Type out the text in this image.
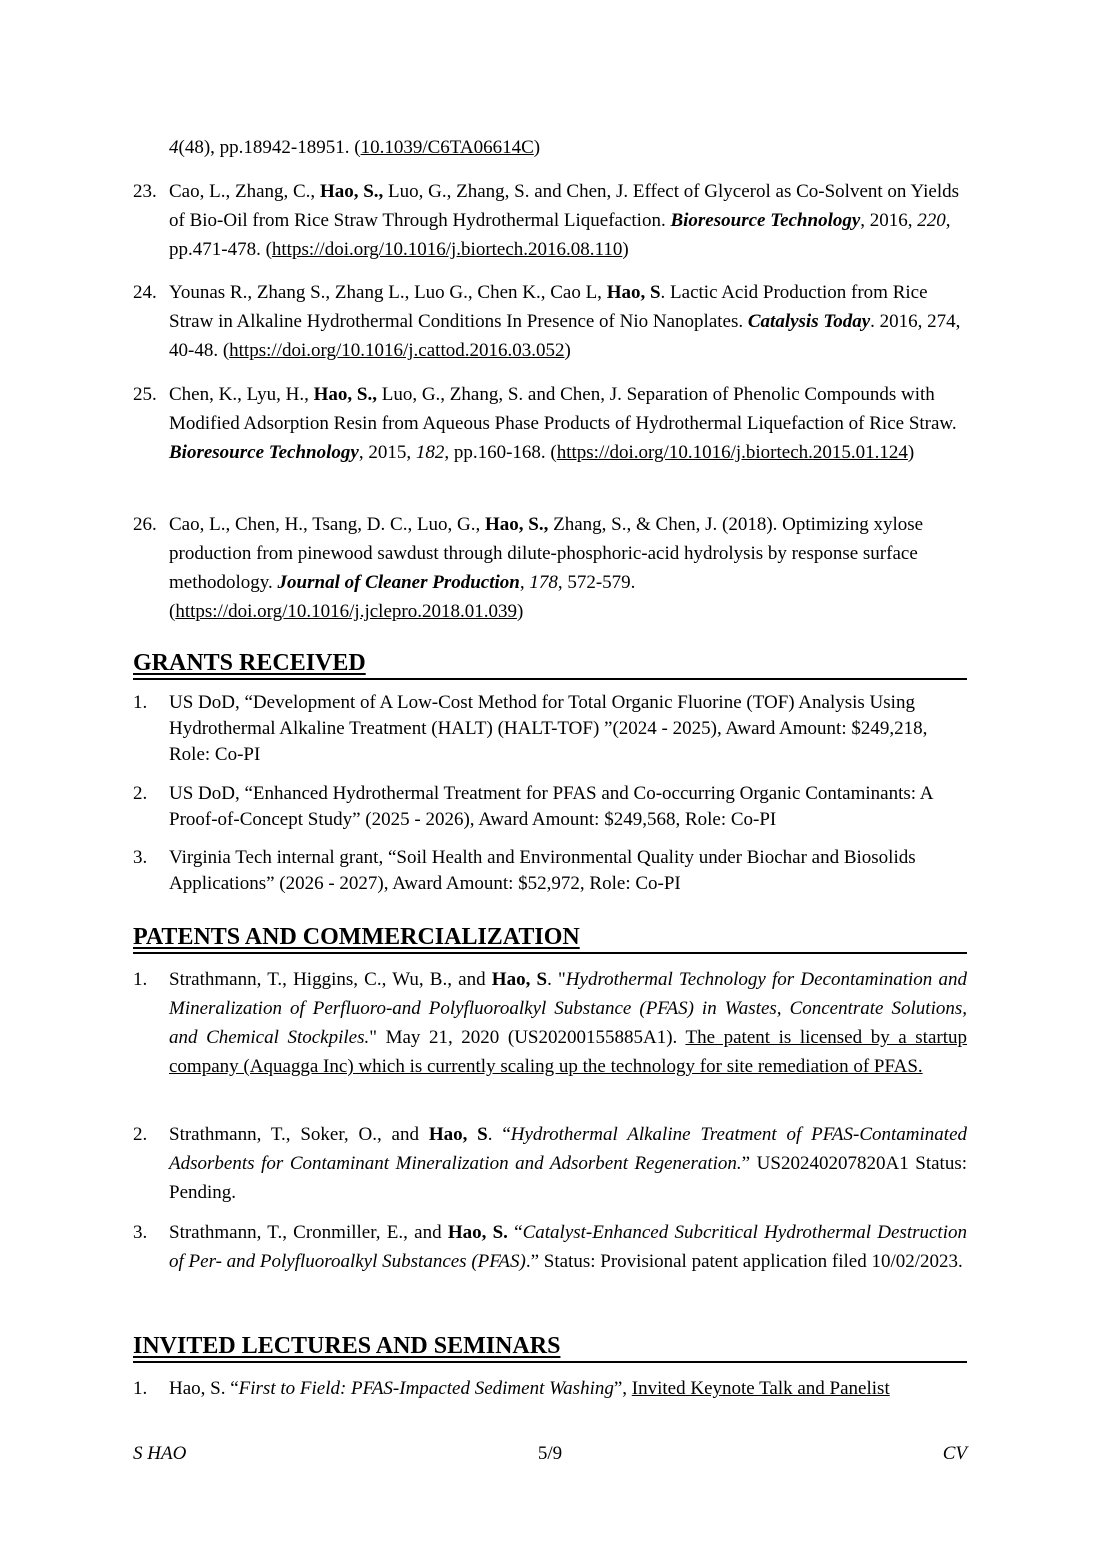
4(48), pp.18942-18951. (10.1039/C6TA06614C)
23. Cao, L., Zhang, C., Hao, S., Luo, G., Zhang, S. and Chen, J. Effect of Glycerol as Co-Solvent on Yields of Bio-Oil from Rice Straw Through Hydrothermal Liquefaction. Bioresource Technology, 2016, 220, pp.471-478. (https://doi.org/10.1016/j.biortech.2016.08.110)
24. Younas R., Zhang S., Zhang L., Luo G., Chen K., Cao L, Hao, S. Lactic Acid Production from Rice Straw in Alkaline Hydrothermal Conditions In Presence of Nio Nanoplates. Catalysis Today. 2016, 274, 40-48. (https://doi.org/10.1016/j.cattod.2016.03.052)
25. Chen, K., Lyu, H., Hao, S., Luo, G., Zhang, S. and Chen, J. Separation of Phenolic Compounds with Modified Adsorption Resin from Aqueous Phase Products of Hydrothermal Liquefaction of Rice Straw. Bioresource Technology, 2015, 182, pp.160-168. (https://doi.org/10.1016/j.biortech.2015.01.124)
26. Cao, L., Chen, H., Tsang, D. C., Luo, G., Hao, S., Zhang, S., & Chen, J. (2018). Optimizing xylose production from pinewood sawdust through dilute-phosphoric-acid hydrolysis by response surface methodology. Journal of Cleaner Production, 178, 572-579. (https://doi.org/10.1016/j.jclepro.2018.01.039)
GRANTS RECEIVED
1. US DoD, “Development of A Low-Cost Method for Total Organic Fluorine (TOF) Analysis Using Hydrothermal Alkaline Treatment (HALT) (HALT-TOF) ”(2024 - 2025), Award Amount: $249,218, Role: Co-PI
2. US DoD, “Enhanced Hydrothermal Treatment for PFAS and Co-occurring Organic Contaminants: A Proof-of-Concept Study” (2025 - 2026), Award Amount: $249,568, Role: Co-PI
3. Virginia Tech internal grant, “Soil Health and Environmental Quality under Biochar and Biosolids Applications” (2026 - 2027), Award Amount: $52,972, Role: Co-PI
PATENTS AND COMMERCIALIZATION
1. Strathmann, T., Higgins, C., Wu, B., and Hao, S. "Hydrothermal Technology for Decontamination and Mineralization of Perfluoro-and Polyfluoroalkyl Substance (PFAS) in Wastes, Concentrate Solutions, and Chemical Stockpiles." May 21, 2020 (US20200155885A1). The patent is licensed by a startup company (Aquagga Inc) which is currently scaling up the technology for site remediation of PFAS.
2. Strathmann, T., Soker, O., and Hao, S. “Hydrothermal Alkaline Treatment of PFAS-Contaminated Adsorbents for Contaminant Mineralization and Adsorbent Regeneration.” US20240207820A1 Status: Pending.
3. Strathmann, T., Cronmiller, E., and Hao, S. “Catalyst-Enhanced Subcritical Hydrothermal Destruction of Per- and Polyfluoroalkyl Substances (PFAS).” Status: Provisional patent application filed 10/02/2023.
INVITED LECTURES AND SEMINARS
1. Hao, S. “First to Field: PFAS-Impacted Sediment Washing”, Invited Keynote Talk and Panelist
S HAO	5/9	CV
